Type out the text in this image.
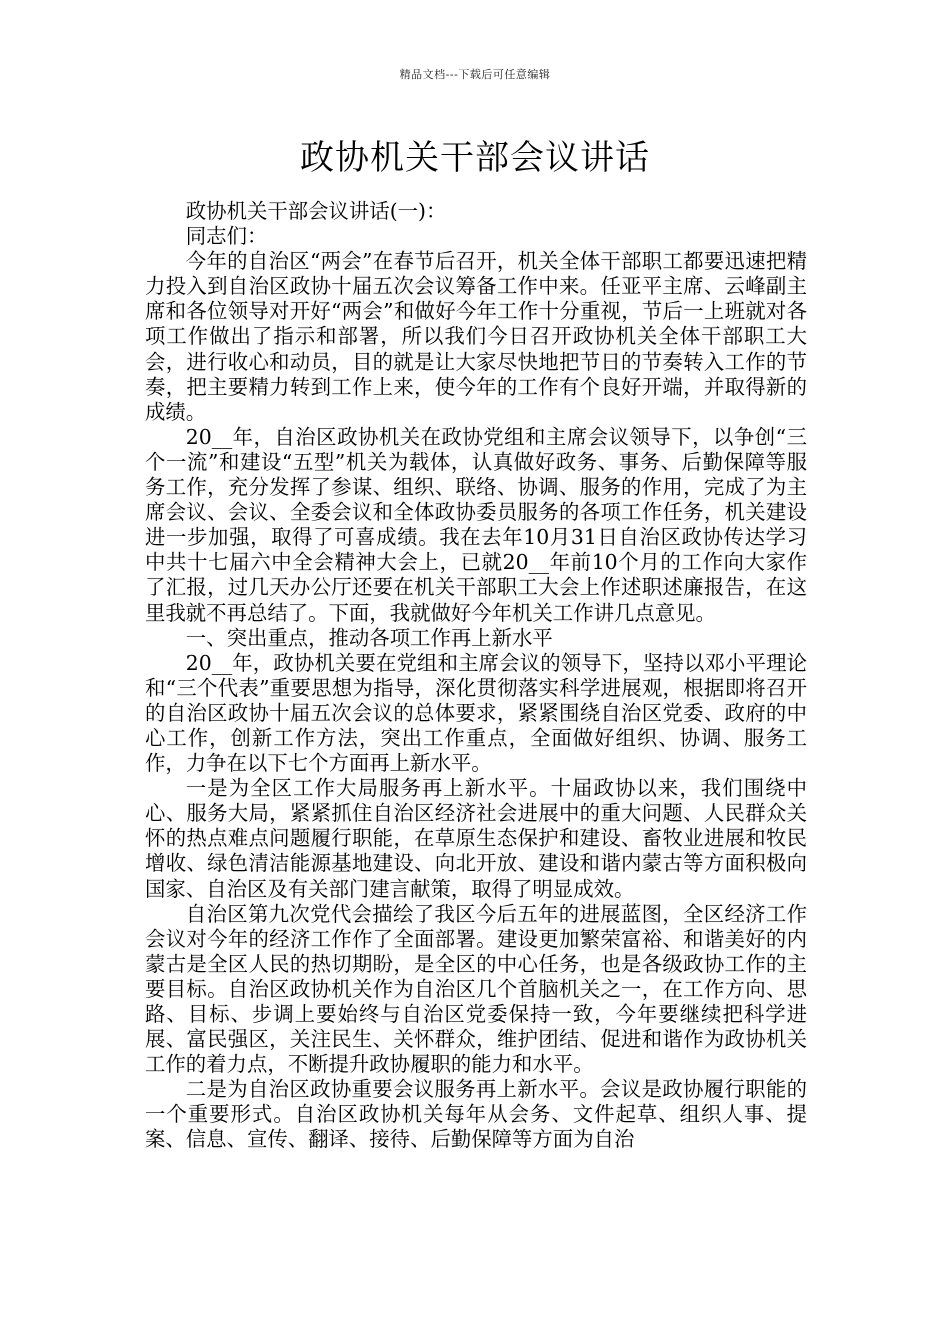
精品文档---下载后可任意编辑
政协机关干部会议讲话

政协机关干部会议讲话(一)：

同志们：

今年的自治区“两会”在春节后召开，机关全体干部职工都要迅速把精力投入到自治区政协十届五次会议筹备工作中来。任亚平主席、云峰副主席和各位领导对开好“两会”和做好今年工作十分重视，节后一上班就对各项工作做出了指示和部署，所以我们今日召开政协机关全体干部职工大会，进行收心和动员，目的就是让大家尽快地把节日的节奏转入工作的节奏，把主要精力转到工作上来，使今年的工作有个良好开端，并取得新的成绩。

20__年，自治区政协机关在政协党组和主席会议领导下，以争创“三个一流”和建设“五型”机关为载体，认真做好政务、事务、后勤保障等服务工作，充分发挥了参谋、组织、联络、协调、服务的作用，完成了为主席会议、会议、全委会议和全体政协委员服务的各项工作任务，机关建设进一步加强，取得了可喜成绩。我在去年10月31日自治区政协传达学习中共十七届六中全会精神大会上，已就20__年前10个月的工作向大家作了汇报，过几天办公厅还要在机关干部职工大会上作述职述廉报告，在这里我就不再总结了。下面，我就做好今年机关工作讲几点意见。

一、突出重点，推动各项工作再上新水平

20__年，政协机关要在党组和主席会议的领导下，坚持以邓小平理论和“三个代表”重要思想为指导，深化贯彻落实科学进展观，根据即将召开的自治区政协十届五次会议的总体要求，紧紧围绕自治区党委、政府的中心工作，创新工作方法，突出工作重点，全面做好组织、协调、服务工作，力争在以下七个方面再上新水平。

一是为全区工作大局服务再上新水平。十届政协以来，我们围绕中心、服务大局，紧紧抓住自治区经济社会进展中的重大问题、人民群众关怀的热点难点问题履行职能，在草原生态保护和建设、畜牧业进展和牧民增收、绿色清洁能源基地建设、向北开放、建设和谐内蒙古等方面积极向国家、自治区及有关部门建言献策，取得了明显成效。

自治区第九次党代会描绘了我区今后五年的进展蓝图，全区经济工作会议对今年的经济工作作了全面部署。建设更加繁荣富裕、和谐美好的内蒙古是全区人民的热切期盼，是全区的中心任务，也是各级政协工作的主要目标。自治区政协机关作为自治区几个首脑机关之一，在工作方向、思路、目标、步调上要始终与自治区党委保持一致，今年要继续把科学进展、富民强区，关注民生、关怀群众，维护团结、促进和谐作为政协机关工作的着力点，不断提升政协履职的能力和水平。

二是为自治区政协重要会议服务再上新水平。会议是政协履行职能的一个重要形式。自治区政协机关每年从会务、文件起草、组织人事、提案、信息、宣传、翻译、接待、后勤保障等方面为自治
